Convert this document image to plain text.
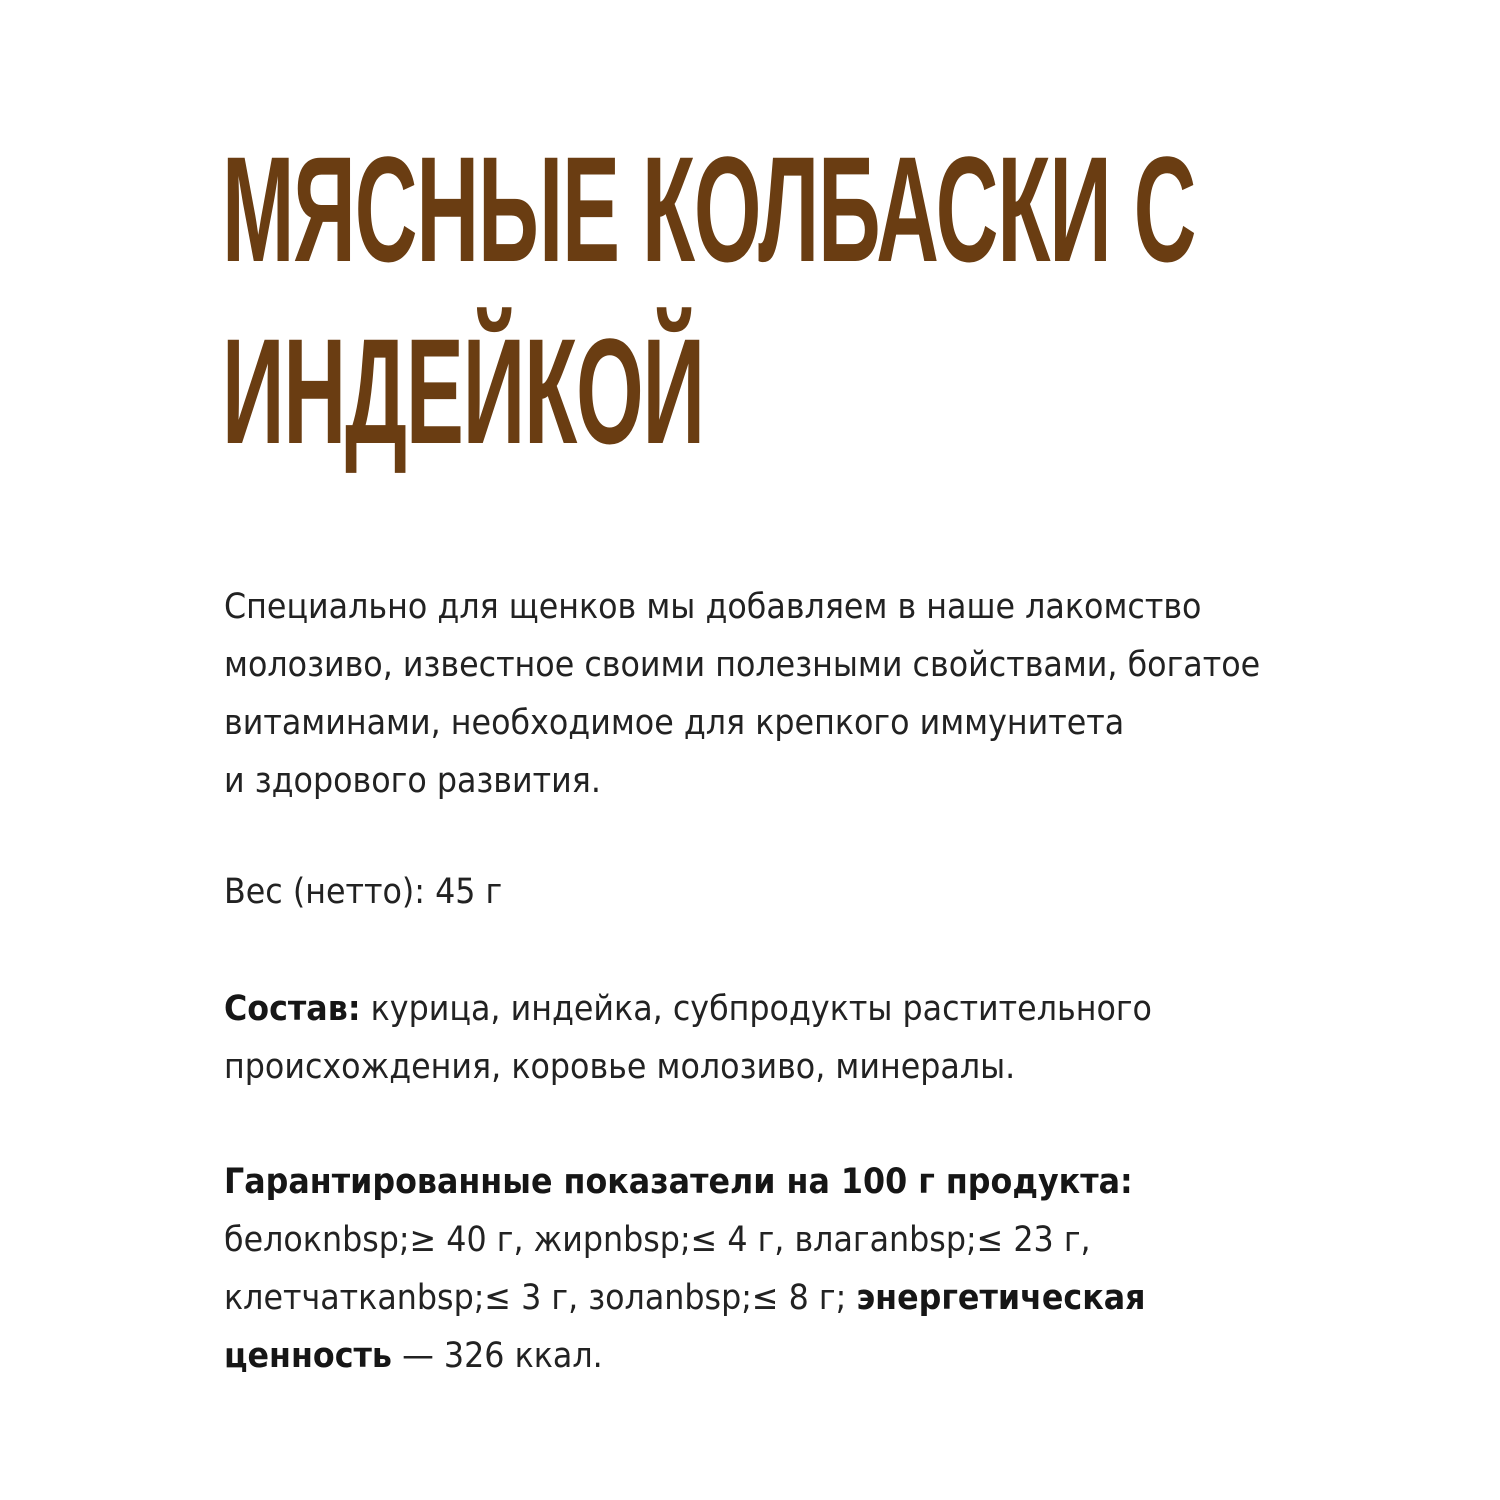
МЯСНЫЕ КОЛБАСКИ С
ИНДЕЙКОЙ
Специально для щенков мы добавляем в наше лакомство
молозиво, известное своими полезными свойствами, богатое
витаминами, необходимое для крепкого иммунитета
и здорового развития.
Вес (нетто): 45 г
Состав: курица, индейка, субпродукты растительного
происхождения, коровье молозиво, минералы.
Гарантированные показатели на 100 г продукта:
белокnbsp;≥ 40 г, жирnbsp;≤ 4 г, влагаnbsp;≤ 23 г,
клетчаткаnbsp;≤ 3 г, золаnbsp;≤ 8 г; энергетическая
ценность — 326 ккал.
